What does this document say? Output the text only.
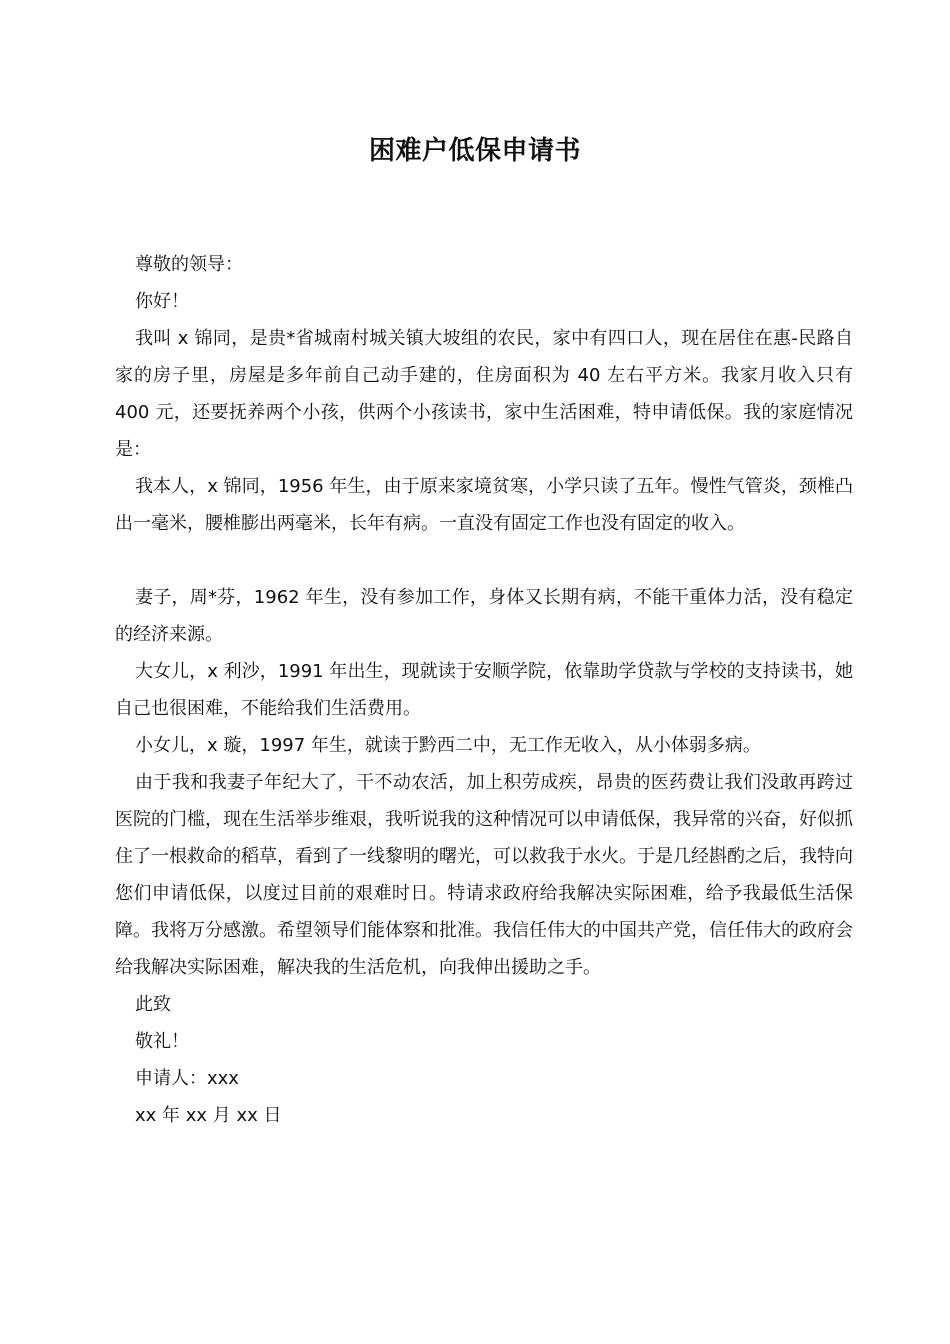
困难户低保申请书

尊敬的领导：

你好！

我叫 x 锦同，是贵*省城南村城关镇大坡组的农民，家中有四口人，现在居住在惠-民路自家的房子里，房屋是多年前自己动手建的，住房面积为 40 左右平方米。我家月收入只有 400 元，还要抚养两个小孩，供两个小孩读书，家中生活困难，特申请低保。我的家庭情况是：

我本人，x 锦同，1956 年生，由于原来家境贫寒，小学只读了五年。慢性气管炎，颈椎凸出一毫米，腰椎膨出两毫米，长年有病。一直没有固定工作也没有固定的收入。

妻子，周*芬，1962 年生，没有参加工作，身体又长期有病，不能干重体力活，没有稳定的经济来源。

大女儿，x 利沙，1991 年出生，现就读于安顺学院，依靠助学贷款与学校的支持读书，她自己也很困难，不能给我们生活费用。

小女儿，x 璇，1997 年生，就读于黔西二中，无工作无收入，从小体弱多病。

由于我和我妻子年纪大了，干不动农活，加上积劳成疾，昂贵的医药费让我们没敢再跨过医院的门槛，现在生活举步维艰，我听说我的这种情况可以申请低保，我异常的兴奋，好似抓住了一根救命的稻草，看到了一线黎明的曙光，可以救我于水火。于是几经斟酌之后，我特向您们申请低保，以度过目前的艰难时日。特请求政府给我解决实际困难，给予我最低生活保障。我将万分感激。希望领导们能体察和批准。我信任伟大的中国共产党，信任伟大的政府会给我解决实际困难，解决我的生活危机，向我伸出援助之手。

此致

敬礼！

申请人：xxx

xx 年 xx 月 xx 日
